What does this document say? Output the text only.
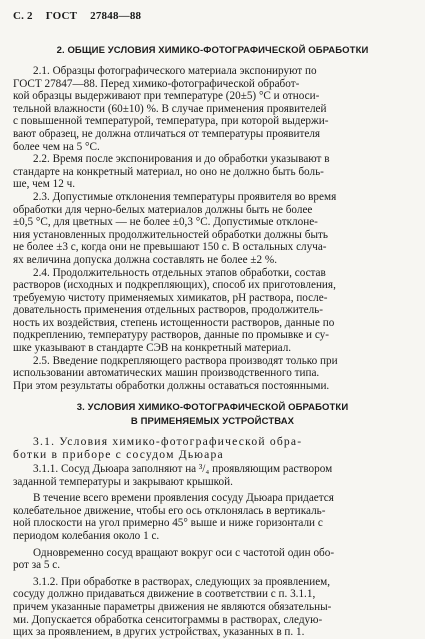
С. 2 ГОСТ 27848—88
2. ОБЩИЕ УСЛОВИЯ ХИМИКО-ФОТОГРАФИЧЕСКОЙ ОБРАБОТКИ
2.1. Образцы фотографического материала экспонируют по
ГОСТ 27847—88. Перед химико-фотографической обработ-
кой образцы выдерживают при температуре (20±5) °С и относи-
тельной влажности (60±10) %. В случае применения проявителей
с повышенной температурой, температура, при которой выдержи-
вают образец, не должна отличаться от температуры проявителя
более чем на 5 °С.
2.2. Время после экспонирования и до обработки указывают в
стандарте на конкретный материал, но оно не должно быть боль-
ше, чем 12 ч.
2.3. Допустимые отклонения температуры проявителя во время
обработки для черно-белых материалов должны быть не более
±0,5 °С, для цветных — не более ±0,3 °С. Допустимые отклоне-
ния установленных продолжительностей обработки должны быть
не более ±3 с, когда они не превышают 150 с. В остальных случа-
ях величина допуска должна составлять не более ±2 %.
2.4. Продолжительность отдельных этапов обработки, состав
растворов (исходных и подкрепляющих), способ их приготовления,
требуемую чистоту применяемых химикатов, pH раствора, после-
довательность применения отдельных растворов, продолжитель-
ность их воздействия, степень истощенности растворов, данные по
подкреплению, температуру растворов, данные по промывке и су-
шке указывают в стандарте СЭВ на конкретный материал.
2.5. Введение подкрепляющего раствора производят только при
использовании автоматических машин производственного типа.
При этом результаты обработки должны оставаться постоянными.
3. УСЛОВИЯ ХИМИКО-ФОТОГРАФИЧЕСКОЙ ОБРАБОТКИ
В ПРИМЕНЯЕМЫХ УСТРОЙСТВАХ
3.1. Условия химико-фотографической обра-
ботки в приборе с сосудом Дьюара
3.1.1. Сосуд Дьюара заполняют на ³/₄ проявляющим раствором
заданной температуры и закрывают крышкой.
В течение всего времени проявления сосуду Дьюара придается
колебательное движение, чтобы его ось отклонялась в вертикаль-
ной плоскости на угол примерно 45° выше и ниже горизонтали с
периодом колебания около 1 с.
Одновременно сосуд вращают вокруг оси с частотой один обо-
рот за 5 с.
3.1.2. При обработке в растворах, следующих за проявлением,
сосуду должно придаваться движение в соответствии с п. 3.1.1,
причем указанные параметры движения не являются обязательны-
ми. Допускается обработка сенситограммы в растворах, следую-
щих за проявлением, в других устройствах, указанных в п. 1.
